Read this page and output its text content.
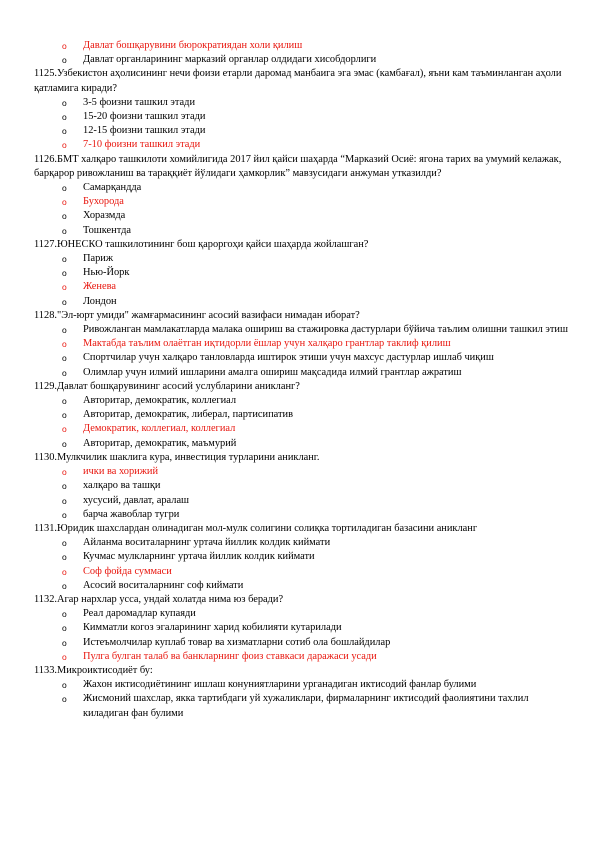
o Давлат бошқарувини бюрократиядан холи қилиш
o Давлат органларининг марказий органлар олдидаги хисобдорлиги

1125.Узбекистон аҳолисининг нечи фоизи етарли даромад манбаига эга эмас (камбағал), яъни кам таъминланган аҳоли қатламига киради?

o 3-5 фоизни ташкил этади
o 15-20 фоизни ташкил этади
o 12-15 фоизни ташкил этади
o 7-10 фоизни ташкил этади

1126.БМТ халқаро ташкилоти хомийлигида 2017 йил қайси шаҳарда “Марказий Осиё: ягона тарих ва умумий келажак, барқарор ривожланиш ва тараққиёт йўлидаги ҳамкорлик” мавзусидаги анжуман утказилди?

o Самарқандда
o Бухорода
o Хоразмда
o Тошкентда

1127.ЮНЕСКО ташкилотининг бош қароргоҳи қайси шаҳарда жойлашган?

o Париж
o Нью-Йорк
o Женева
o Лондон

1128."Эл-юрт умиди" жамғармасининг асосий вазифаси нимадан иборат?

o Ривожланган мамлакатларда малака ошириш ва стажировка дастурлари бўйича таълим олишни ташкил этиш
o Мактабда таълим олаётган иқтидорли ёшлар учун халқаро грантлар таклиф қилиш
o Спортчилар учун халқаро танловларда иштирок этиши учун махсус дастурлар ишлаб чиқиш
o Олимлар учун илмий ишларини амалга ошириш мақсадида илмий грантлар ажратиш

1129.Давлат бошқарувининг асосий услубларини аникланг?

o Авторитар, демократик, коллегиал
o Авторитар, демократик, либерал, партисипатив
o Демократик, коллегиал, коллегиал
o Авторитар, демократик, маъмурий

1130.Мулкчилик шаклига кура, инвестиция турларини аникланг.

o ички ва хорижий
o халқаро ва ташқи
o хусусий, давлат, аралаш
o барча жавоблар тугри

1131.Юридик шахслардан олинадиган мол-мулк солигини солиқка тортиладиган базасини аникланг

o Айланма воситаларнинг уртача йиллик колдик киймати
o Кучмас мулкларнинг уртача йиллик колдик киймати
o Соф фойда суммаси
o Асосий воситаларнинг соф киймати

1132.Агар нархлар усса, ундай холатда нима юз беради?

o Реал даромадлар купаяди
o Кимматли когоз эгаларининг харид кобилияти кутарилади
o Истеъмолчилар куплаб товар ва хизматларни сотиб ола бошлайдилар
o Пулга булган талаб ва банкларнинг фоиз ставкаси даражаси усади

1133.Микроиктисодиёт бу:

o Жахон иктисодиётининг ишлаш конуниятларини урганадиган иктисодий фанлар булими
o Жисмоний шахслар, якка тартибдаги уй хужаликлари, фирмаларнинг иктисодий фаолиятини тахлил киладиган фан булими
